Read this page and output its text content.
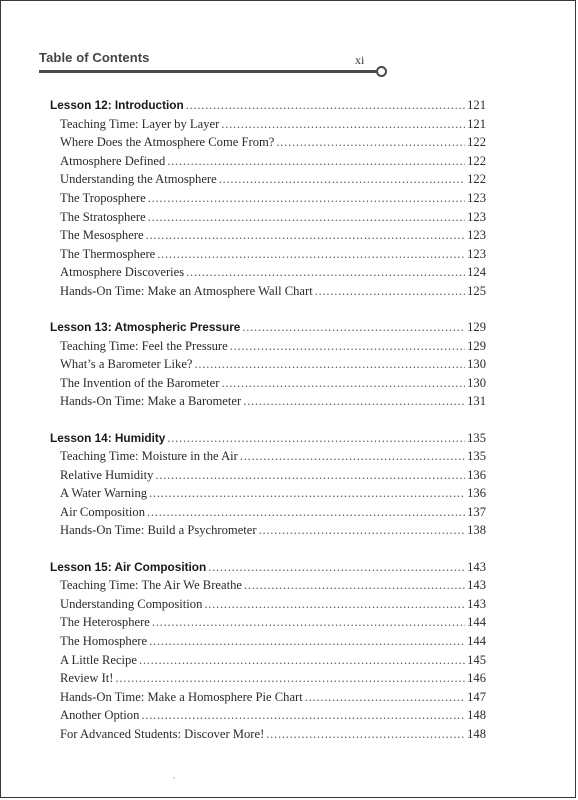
Table of Contents	xi
Lesson 12: Introduction . . .	121
Teaching Time: Layer by Layer . . .	121
Where Does the Atmosphere Come From? . . .	122
Atmosphere Defined . . .	122
Understanding the Atmosphere . . .	122
The Troposphere . . .	123
The Stratosphere . . .	123
The Mesosphere . . .	123
The Thermosphere . . .	123
Atmosphere Discoveries . . .	124
Hands-On Time: Make an Atmosphere Wall Chart . . .	125
Lesson 13: Atmospheric Pressure . . .	129
Teaching Time: Feel the Pressure . . .	129
What’s a Barometer Like? . . .	130
The Invention of the Barometer . . .	130
Hands-On Time: Make a Barometer . . .	131
Lesson 14: Humidity . . .	135
Teaching Time: Moisture in the Air . . .	135
Relative Humidity . . .	136
A Water Warning . . .	136
Air Composition . . .	137
Hands-On Time: Build a Psychrometer . . .	138
Lesson 15: Air Composition . . .	143
Teaching Time: The Air We Breathe . . .	143
Understanding Composition . . .	143
The Heterosphere . . .	144
The Homosphere . . .	144
A Little Recipe . . .	145
Review It! . . .	146
Hands-On Time: Make a Homosphere Pie Chart . . .	147
Another Option . . .	148
For Advanced Students: Discover More! . . .	148
,
